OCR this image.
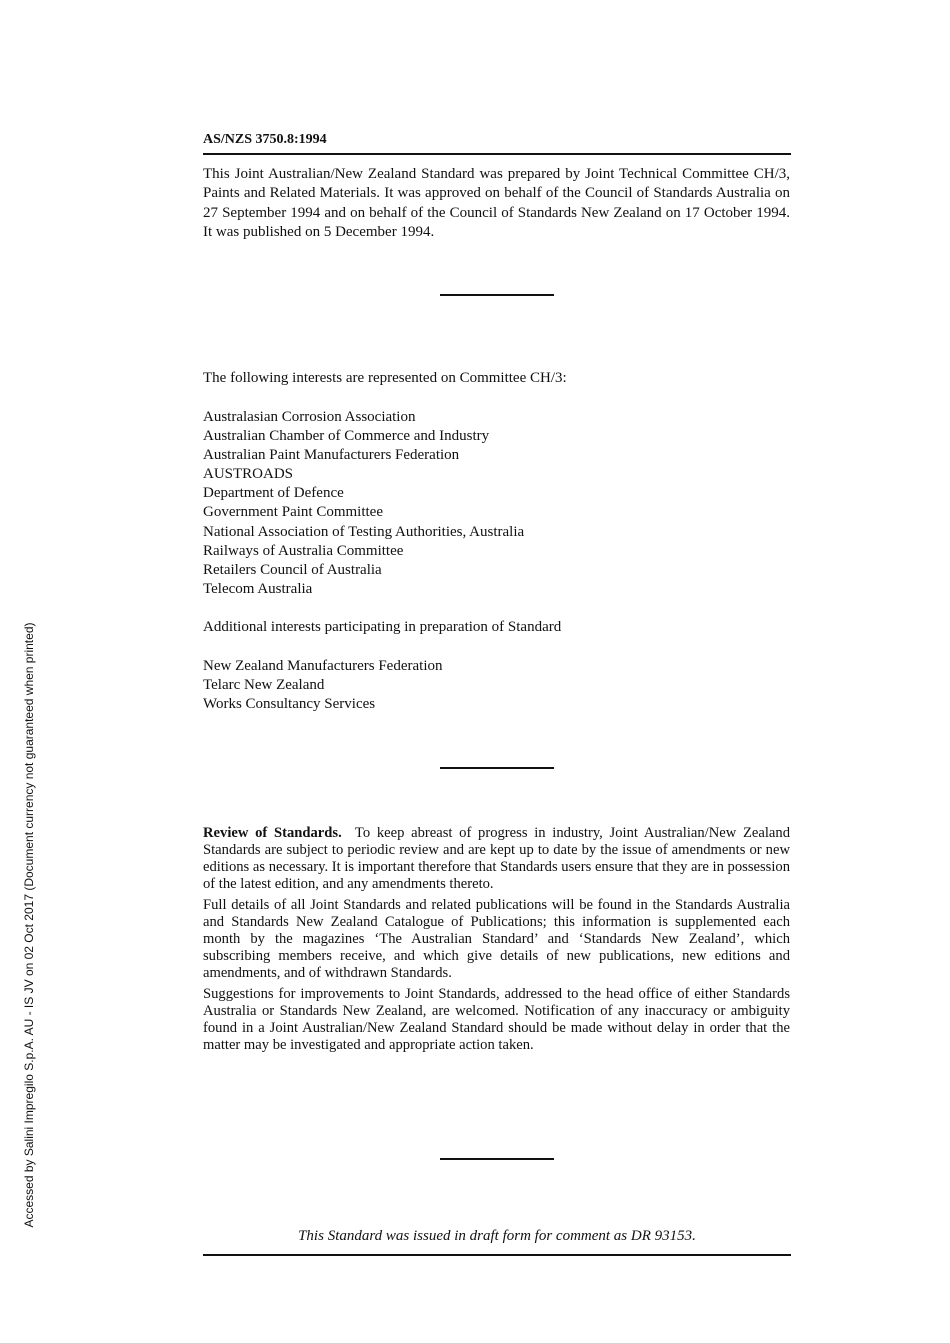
AS/NZS 3750.8:1994
This Joint Australian/New Zealand Standard was prepared by Joint Technical Committee CH/3, Paints and Related Materials. It was approved on behalf of the Council of Standards Australia on 27 September 1994 and on behalf of the Council of Standards New Zealand on 17 October 1994. It was published on 5 December 1994.
The following interests are represented on Committee CH/3:
Australasian Corrosion Association
Australian Chamber of Commerce and Industry
Australian Paint Manufacturers Federation
AUSTROADS
Department of Defence
Government Paint Committee
National Association of Testing Authorities, Australia
Railways of Australia Committee
Retailers Council of Australia
Telecom Australia
Additional interests participating in preparation of Standard
New Zealand Manufacturers Federation
Telarc New Zealand
Works Consultancy Services

Review of Standards. To keep abreast of progress in industry, Joint Australian/New Zealand Standards are subject to periodic review and are kept up to date by the issue of amendments or new editions as necessary. It is important therefore that Standards users ensure that they are in possession of the latest edition, and any amendments thereto.

Full details of all Joint Standards and related publications will be found in the Standards Australia and Standards New Zealand Catalogue of Publications; this information is supplemented each month by the magazines ‘The Australian Standard’ and ‘Standards New Zealand’, which subscribing members receive, and which give details of new publications, new editions and amendments, and of withdrawn Standards.

Suggestions for improvements to Joint Standards, addressed to the head office of either Standards Australia or Standards New Zealand, are welcomed. Notification of any inaccuracy or ambiguity found in a Joint Australian/New Zealand Standard should be made without delay in order that the matter may be investigated and appropriate action taken.

This Standard was issued in draft form for comment as DR 93153.
Accessed by Salini Impregilo S.p.A. AU - IS JV on 02 Oct 2017 (Document currency not guaranteed when printed)
